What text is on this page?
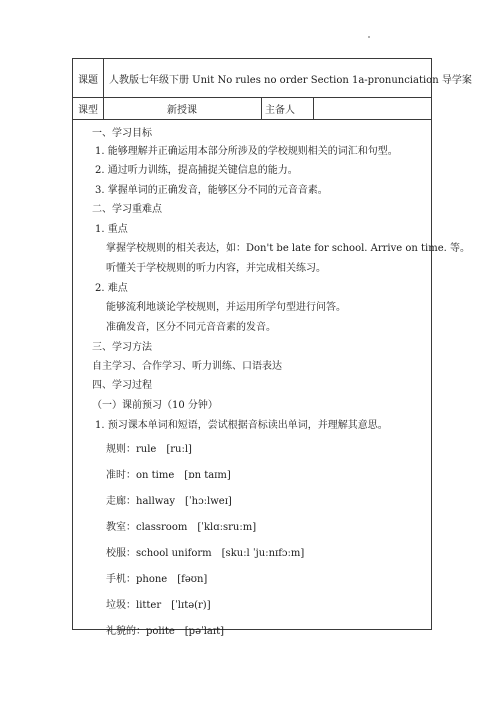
课题	人教版七年级下册 Unit No rules no order Section 1a-pronunciation 导学案
课型	新授课	主备人
一、学习目标
1. 能够理解并正确运用本部分所涉及的学校规则相关的词汇和句型。
2. 通过听力训练，提高捕捉关键信息的能力。
3. 掌握单词的正确发音，能够区分不同的元音音素。
二、学习重难点
1. 重点
掌握学校规则的相关表达，如：Don't be late for school. Arrive on time. 等。
听懂关于学校规则的听力内容，并完成相关练习。
2. 难点
能够流利地谈论学校规则，并运用所学句型进行问答。
准确发音，区分不同元音音素的发音。
三、学习方法
自主学习、合作学习、听力训练、口语表达
四、学习过程
（一）课前预习（10 分钟）
1. 预习课本单词和短语，尝试根据音标读出单词，并理解其意思。
规则：rule [ruːl]
准时：on time [ɒn taɪm]
走廊：hallway [ˈhɔːlweɪ]
教室：classroom [ˈklɑːsruːm]
校服：school uniform [skuːl ˈjuːnɪfɔːm]
手机：phone [fəʊn]
垃圾：litter [ˈlɪtə(r)]
礼貌的：polite [pəˈlaɪt]
